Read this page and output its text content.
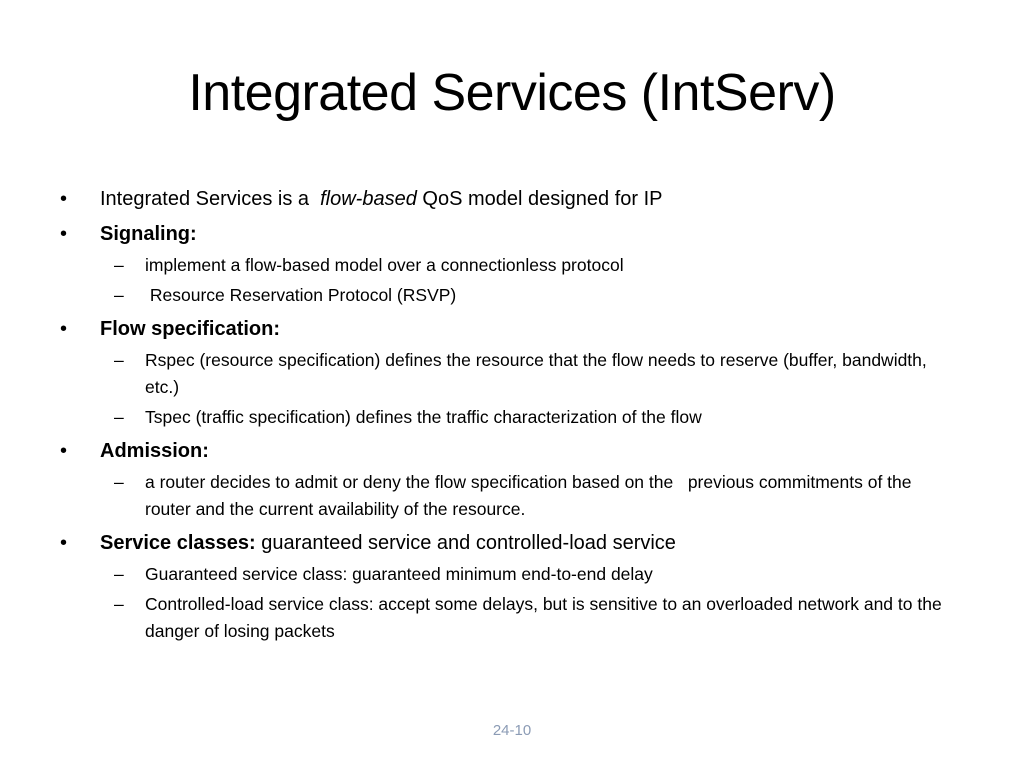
Integrated Services (IntServ)
•	Integrated Services is a  flow-based QoS model designed for IP
•	Signaling:
– implement a flow-based model over a connectionless protocol
– Resource Reservation Protocol (RSVP)
•	Flow specification:
– Rspec (resource specification) defines the resource that the flow needs to reserve (buffer, bandwidth, etc.)
– Tspec (traffic specification) defines the traffic characterization of the flow
•	Admission:
– a router decides to admit or deny the flow specification based on the   previous commitments of the router and the current availability of the resource.
•	Service classes: guaranteed service and controlled-load service
– Guaranteed service class: guaranteed minimum end-to-end delay
– Controlled-load service class: accept some delays, but is sensitive to an overloaded network and to the danger of losing packets
24-10
